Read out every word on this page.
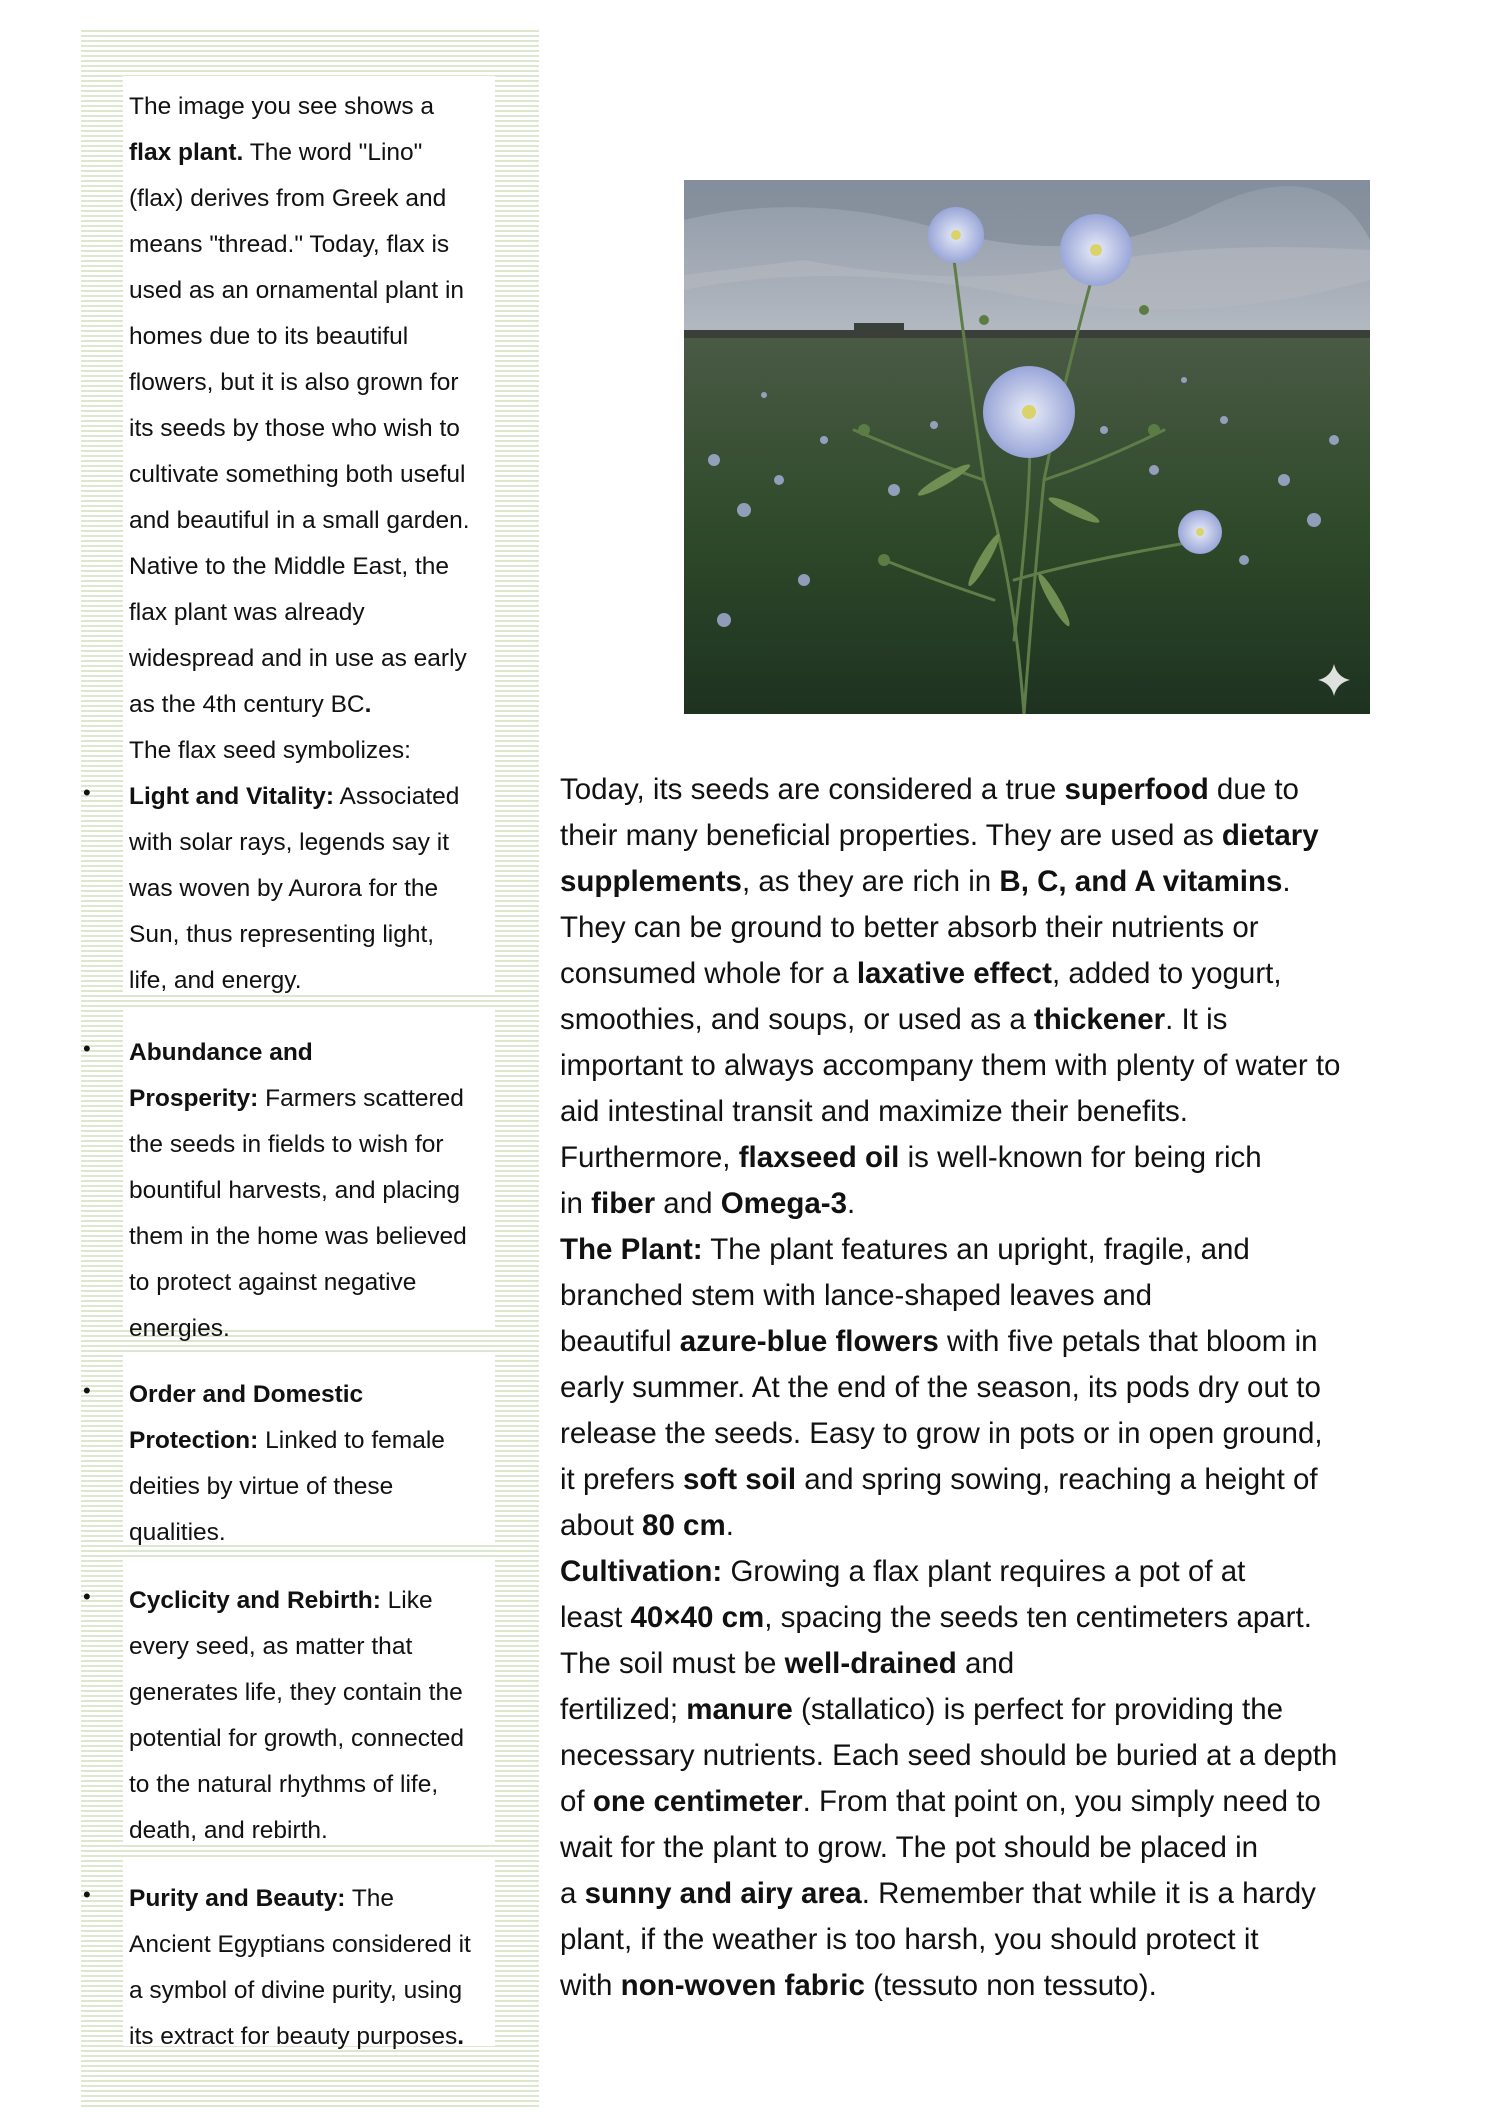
The image you see shows a
flax plant. The word "Lino"
(flax) derives from Greek and
means "thread." Today, flax is
used as an ornamental plant in
homes due to its beautiful
flowers, but it is also grown for
its seeds by those who wish to
cultivate something both useful
and beautiful in a small garden.
Native to the Middle East, the
flax plant was already
widespread and in use as early
as the 4th century BC.
The flax seed symbolizes:
• Light and Vitality: Associated
with solar rays, legends say it
was woven by Aurora for the
Sun, thus representing light,
life, and energy.
• Abundance and
Prosperity: Farmers scattered
the seeds in fields to wish for
bountiful harvests, and placing
them in the home was believed
to protect against negative
energies.
• Order and Domestic
Protection: Linked to female
deities by virtue of these
qualities.
• Cyclicity and Rebirth: Like
every seed, as matter that
generates life, they contain the
potential for growth, connected
to the natural rhythms of life,
death, and rebirth.
• Purity and Beauty: The
Ancient Egyptians considered it
a symbol of divine purity, using
its extract for beauty purposes.
Today, its seeds are considered a true superfood due to
their many beneficial properties. They are used as dietary
supplements, as they are rich in B, C, and A vitamins.
They can be ground to better absorb their nutrients or
consumed whole for a laxative effect, added to yogurt,
smoothies, and soups, or used as a thickener. It is
important to always accompany them with plenty of water to
aid intestinal transit and maximize their benefits.
Furthermore, flaxseed oil is well-known for being rich
in fiber and Omega-3.
The Plant: The plant features an upright, fragile, and
branched stem with lance-shaped leaves and
beautiful azure-blue flowers with five petals that bloom in
early summer. At the end of the season, its pods dry out to
release the seeds. Easy to grow in pots or in open ground,
it prefers soft soil and spring sowing, reaching a height of
about 80 cm.
Cultivation: Growing a flax plant requires a pot of at
least 40×40 cm, spacing the seeds ten centimeters apart.
The soil must be well-drained and
fertilized; manure (stallatico) is perfect for providing the
necessary nutrients. Each seed should be buried at a depth
of one centimeter. From that point on, you simply need to
wait for the plant to grow. The pot should be placed in
a sunny and airy area. Remember that while it is a hardy
plant, if the weather is too harsh, you should protect it
with non-woven fabric (tessuto non tessuto).
